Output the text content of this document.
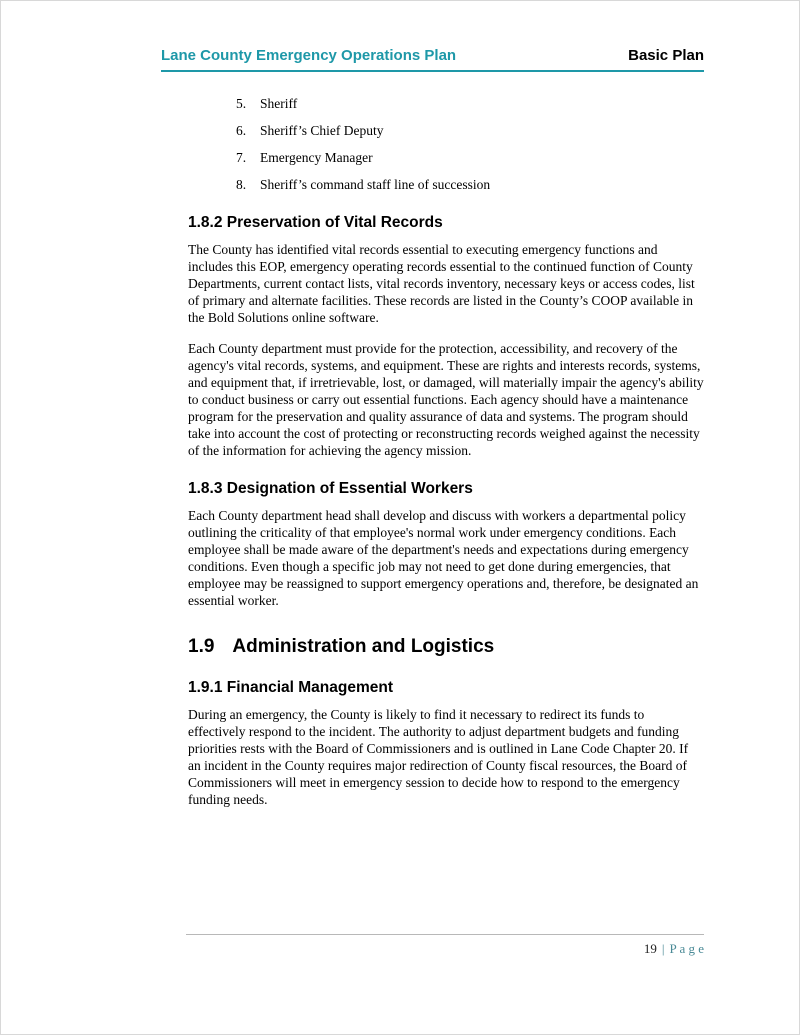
Lane County Emergency Operations Plan	Basic Plan
5.	Sheriff
6.	Sheriff’s Chief Deputy
7.	Emergency Manager
8.	Sheriff’s command staff line of succession
1.8.2 Preservation of Vital Records

The County has identified vital records essential to executing emergency functions and includes this EOP, emergency operating records essential to the continued function of County Departments, current contact lists, vital records inventory, necessary keys or access codes, list of primary and alternate facilities. These records are listed in the County’s COOP available in the Bold Solutions online software.

Each County department must provide for the protection, accessibility, and recovery of the agency's vital records, systems, and equipment. These are rights and interests records, systems, and equipment that, if irretrievable, lost, or damaged, will materially impair the agency's ability to conduct business or carry out essential functions. Each agency should have a maintenance program for the preservation and quality assurance of data and systems. The program should take into account the cost of protecting or reconstructing records weighed against the necessity of the information for achieving the agency mission.

1.8.3 Designation of Essential Workers

Each County department head shall develop and discuss with workers a departmental policy outlining the criticality of that employee's normal work under emergency conditions. Each employee shall be made aware of the department's needs and expectations during emergency conditions. Even though a specific job may not need to get done during emergencies, that employee may be reassigned to support emergency operations and, therefore, be designated an essential worker.

1.9 Administration and Logistics
1.9.1 Financial Management

During an emergency, the County is likely to find it necessary to redirect its funds to effectively respond to the incident. The authority to adjust department budgets and funding priorities rests with the Board of Commissioners and is outlined in Lane Code Chapter 20. If an incident in the County requires major redirection of County fiscal resources, the Board of Commissioners will meet in emergency session to decide how to respond to the emergency funding needs.

19 | P a g e
